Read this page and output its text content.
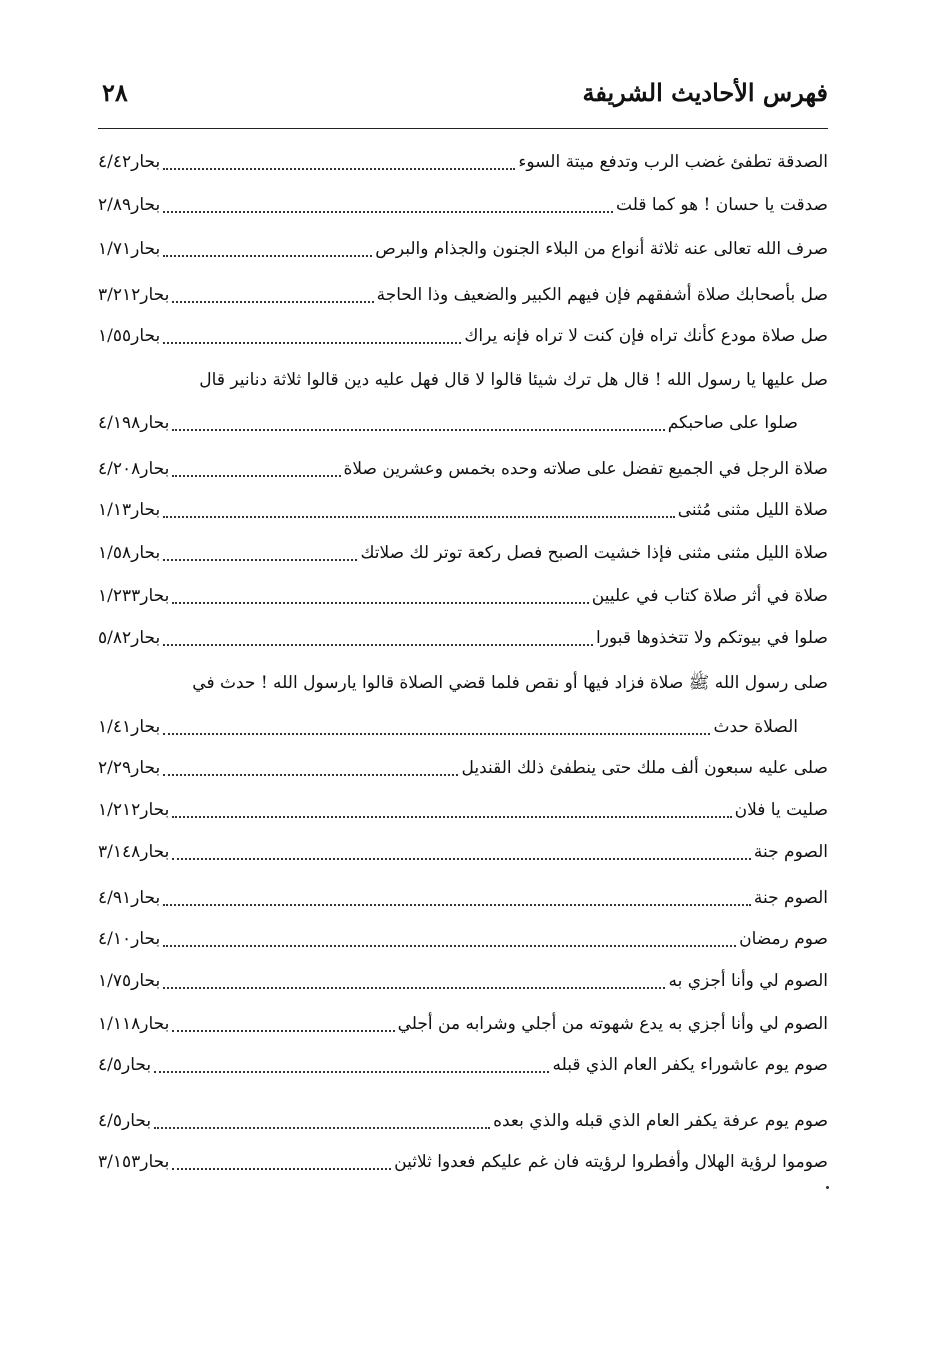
فهرس الأحاديث الشريفة
٢٨
الصدقة تطفئ غضب الرب وتدفع ميتة السوء
بحار٤/٤٢
صدقت يا حسان ! هو كما قلت
بحار٢/٨٩
صرف الله تعالى عنه ثلاثة أنواع من البلاء الجنون والجذام والبرص
بحار١/٧١
صل بأصحابك صلاة أشفقهم فإن فيهم الكبير والضعيف وذا الحاجة
بحار٣/٢١٢
صل صلاة مودع كأنك تراه فإن كنت لا تراه فإنه يراك
بحار١/٥٥
صل عليها يا رسول الله ! قال هل ترك شيئا قالوا لا قال فهل عليه دين قالوا ثلاثة دنانير قال
صلوا على صاحبكم
بحار٤/١٩٨
صلاة الرجل في الجميع تفضل على صلاته وحده بخمس وعشرين صلاة
بحار٤/٢٠٨
صلاة الليل مثنى مُثنى
بحار١/١٣
صلاة الليل مثنى مثنى فإذا خشيت الصبح فصل ركعة توتر لك صلاتك
بحار١/٥٨
صلاة في أثر صلاة كتاب في عليين
بحار١/٢٣٣
صلوا في بيوتكم ولا تتخذوها قبورا
بحار٥/٨٢
صلى رسول الله ﷺ صلاة فزاد فيها أو نقص فلما قضي الصلاة قالوا يارسول الله ! حدث في
الصلاة حدث
بحار١/٤١
صلى عليه سبعون ألف ملك حتى ينطفئ ذلك القنديل
بحار٢/٢٩
صليت يا فلان
بحار١/٢١٢
الصوم جنة
بحار٣/١٤٨
الصوم جنة
بحار٤/٩١
صوم رمضان
بحار٤/١٠
الصوم لي وأنا أجزي به
بحار١/٧٥
الصوم لي وأنا أجزي به يدع شهوته من أجلي وشرابه من أجلي
بحار١/١١٨
صوم يوم عاشوراء يكفر العام الذي قبله
بحار٤/٥
صوم يوم عرفة يكفر العام الذي قبله والذي بعده
بحار٤/٥
صوموا لرؤية الهلال وأفطروا لرؤيته فان غم عليكم فعدوا ثلاثين
بحار٣/١٥٣
